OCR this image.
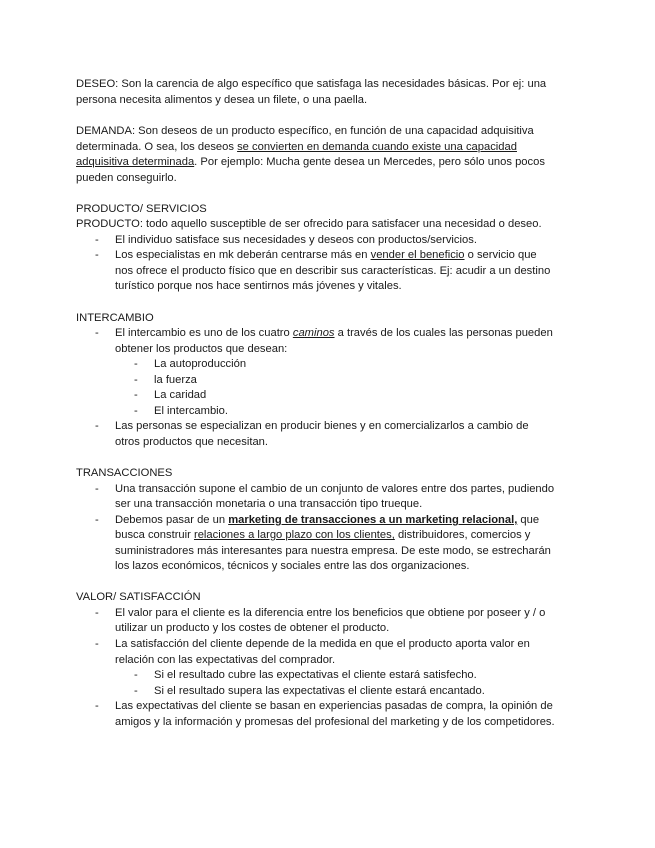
DESEO: Son la carencia de algo específico que satisfaga las necesidades básicas. Por ej: una
persona necesita alimentos y desea un filete, o una paella.
DEMANDA: Son deseos de un producto específico, en función de una capacidad adquisitiva
determinada. O sea, los deseos se convierten en demanda cuando existe una capacidad
adquisitiva determinada. Por ejemplo: Mucha gente desea un Mercedes, pero sólo unos pocos
pueden conseguirlo.
PRODUCTO/ SERVICIOS
PRODUCTO: todo aquello susceptible de ser ofrecido para satisfacer una necesidad o deseo.
- El individuo satisface sus necesidades y deseos con productos/servicios.
- Los especialistas en mk deberán centrarse más en vender el beneficio o servicio que
nos ofrece el producto físico que en describir sus características. Ej: acudir a un destino
turístico porque nos hace sentirnos más jóvenes y vitales.
INTERCAMBIO
- El intercambio es uno de los cuatro caminos a través de los cuales las personas pueden
obtener los productos que desean:
- La autoproducción
- la fuerza
- La caridad
- El intercambio.
- Las personas se especializan en producir bienes y en comercializarlos a cambio de
otros productos que necesitan.
TRANSACCIONES
- Una transacción supone el cambio de un conjunto de valores entre dos partes, pudiendo
ser una transacción monetaria o una transacción tipo trueque.
- Debemos pasar de un marketing de transacciones a un marketing relacional, que
busca construir relaciones a largo plazo con los clientes, distribuidores, comercios y
suministradores más interesantes para nuestra empresa. De este modo, se estrecharán
los lazos económicos, técnicos y sociales entre las dos organizaciones.
VALOR/ SATISFACCIÓN
- El valor para el cliente es la diferencia entre los beneficios que obtiene por poseer y / o
utilizar un producto y los costes de obtener el producto.
- La satisfacción del cliente depende de la medida en que el producto aporta valor en
relación con las expectativas del comprador.
- Si el resultado cubre las expectativas el cliente estará satisfecho.
- Si el resultado supera las expectativas el cliente estará encantado.
- Las expectativas del cliente se basan en experiencias pasadas de compra, la opinión de
amigos y la información y promesas del profesional del marketing y de los competidores.
